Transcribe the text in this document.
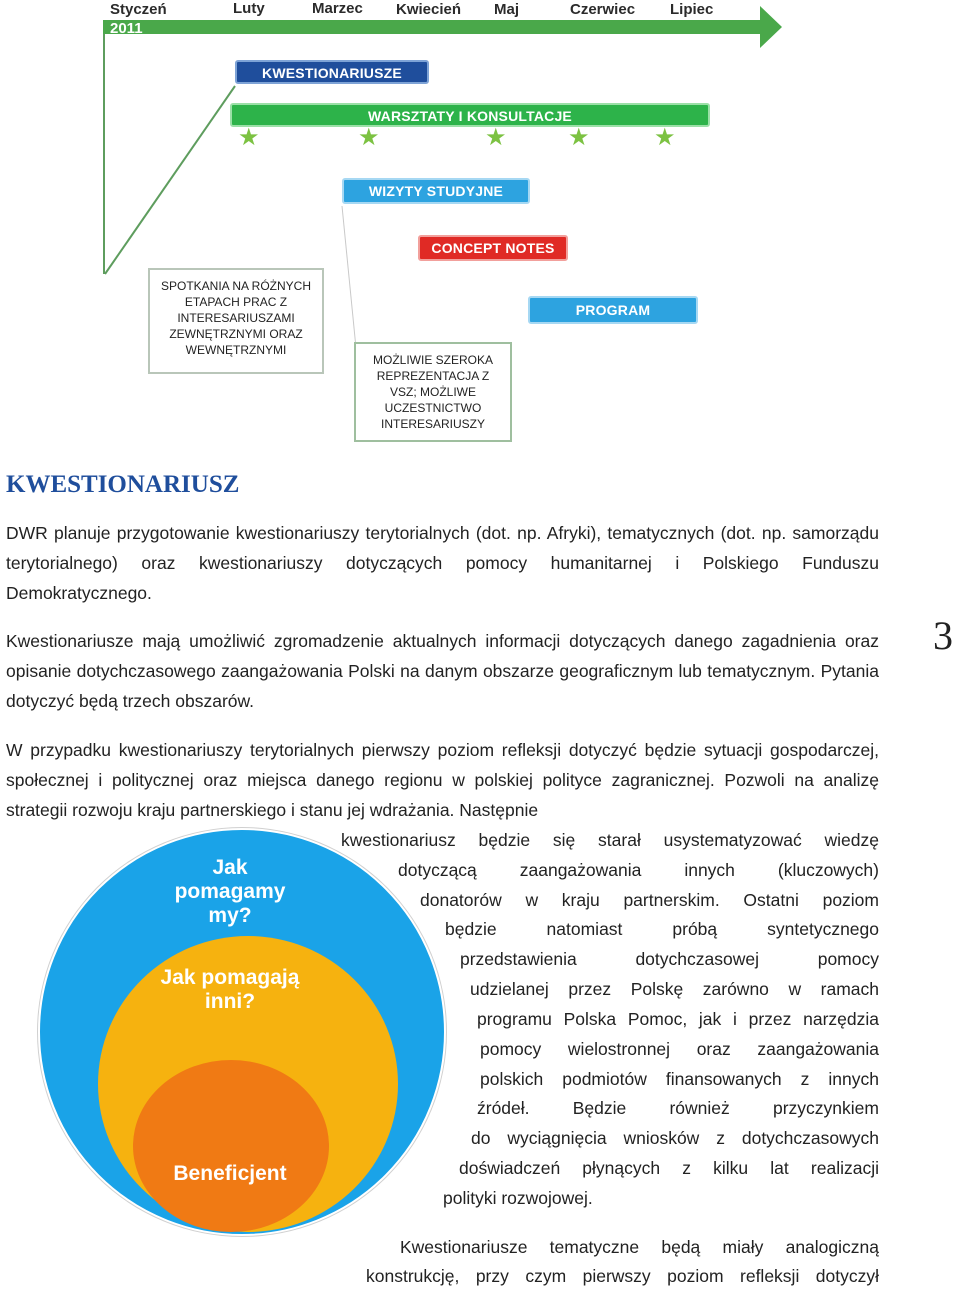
Styczeń
2011
Luty	Marzec Kwiecień Maj	Czerwiec Lipiec
KWESTIONARIUSZE
WARSZTATY I KONSULTACJE
★	★	★	★	★
WIZYTY STUDYJNE
CONCEPT NOTES
PROGRAM
SPOTKANIA NA RÓŻNYCH ETAPACH PRAC Z INTERESARIUSZAMI ZEWNĘTRZNYMI ORAZ WEWNĘTRZNYMI
MOŻLIWIE SZEROKA REPREZENTACJA Z VSZ; MOŻLIWE UCZESTNICTWO INTERESARIUSZY
KWESTIONARIUSZ
3

DWR planuje przygotowanie kwestionariuszy terytorialnych (dot. np. Afryki), tematycznych (dot. np. samorządu terytorialnego) oraz kwestionariuszy dotyczących pomocy humanitarnej i Polskiego Funduszu Demokratycznego.

Kwestionariusze mają umożliwić zgromadzenie aktualnych informacji dotyczących danego zagadnienia oraz opisanie dotychczasowego zaangażowania Polski na danym obszarze geograficznym lub tematycznym. Pytania dotyczyć będą trzech obszarów.

W przypadku kwestionariuszy terytorialnych pierwszy poziom refleksji dotyczyć będzie sytuacji gospodarczej, społecznej i politycznej oraz miejsca danego regionu w polskiej polityce zagranicznej. Pozwoli na analizę strategii rozwoju kraju partnerskiego i stanu jej wdrażania. Następnie

kwestionariusz będzie się starał usystematyzować wiedzę
dotyczącą zaangażowania innych (kluczowych)
donatorów w kraju partnerskim. Ostatni poziom
będzie natomiast próbą syntetycznego
przedstawienia dotychczasowej pomocy
udzielanej przez Polskę zarówno w ramach
programu Polska Pomoc, jak i przez narzędzia
pomocy wielostronnej oraz zaangażowania
polskich podmiotów finansowanych z innych
źródeł. Będzie również przyczynkiem
do wyciągnięcia wniosków z dotychczasowych
doświadczeń płynących z kilku lat realizacji
polityki rozwojowej.
Kwestionariusze tematyczne będą miały analogiczną
konstrukcję, przy czym pierwszy poziom refleksji dotyczył
Jak pomagamy my?
Jak pomagają inni?
Beneficjent
